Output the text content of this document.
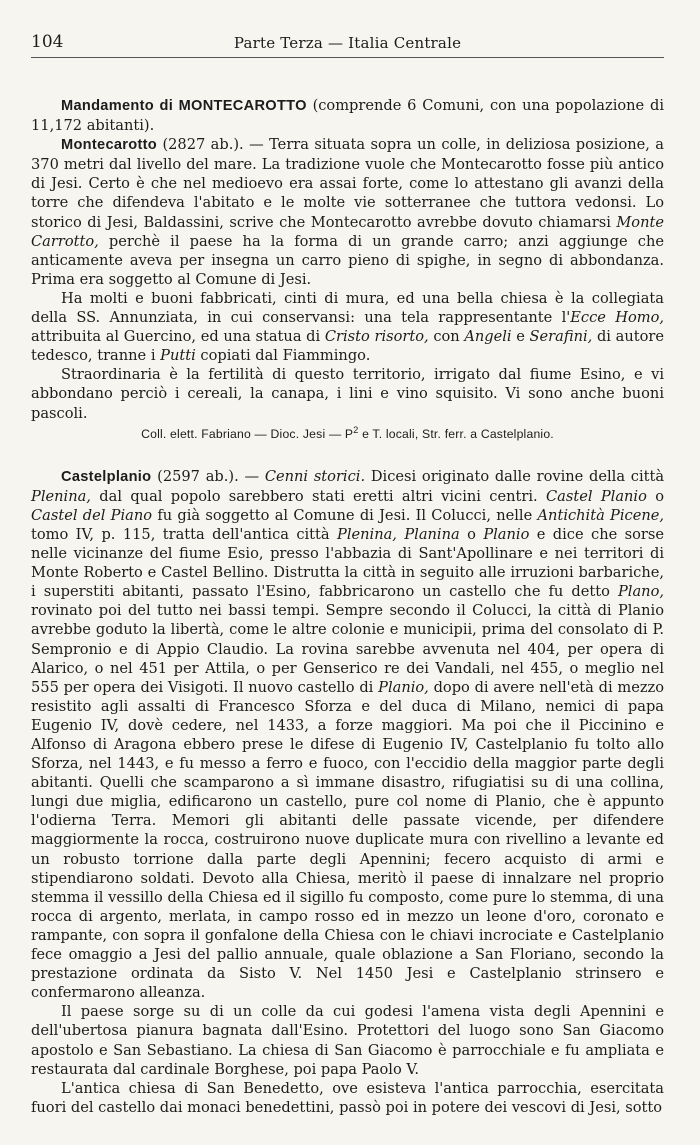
104	Parte Terza — Italia Centrale

Mandamento di MONTECAROTTO (comprende 6 Comuni, con una popolazione di 11,172 abitanti).

Montecarotto (2827 ab.). — Terra situata sopra un colle, in deliziosa posizione, a 370 metri dal livello del mare. La tradizione vuole che Montecarotto fosse più antico di Jesi. Certo è che nel medioevo era assai forte, come lo attestano gli avanzi della torre che difendeva l'abitato e le molte vie sotterranee che tuttora vedonsi. Lo storico di Jesi, Baldassini, scrive che Montecarotto avrebbe dovuto chiamarsi Monte Carrotto, perchè il paese ha la forma di un grande carro; anzi aggiunge che anticamente aveva per insegna un carro pieno di spighe, in segno di abbondanza. Prima era soggetto al Comune di Jesi.

Ha molti e buoni fabbricati, cinti di mura, ed una bella chiesa è la collegiata della SS. Annunziata, in cui conservansi: una tela rappresentante l'Ecce Homo, attribuita al Guercino, ed una statua di Cristo risorto, con Angeli e Serafini, di autore tedesco, tranne i Putti copiati dal Fiammingo.

Straordinaria è la fertilità di questo territorio, irrigato dal fiume Esino, e vi abbondano perciò i cereali, la canapa, i lini e vino squisito. Vi sono anche buoni pascoli.

Coll. elett. Fabriano — Dioc. Jesi — $P^2$ e T. locali, Str. ferr. a Castelplanio.

Castelplanio (2597 ab.). — Cenni storici. Dicesi originato dalle rovine della città Plenina, dal qual popolo sarebbero stati eretti altri vicini centri. Castel Planio o Castel del Piano fu già soggetto al Comune di Jesi. Il Colucci, nelle Antichità Picene, tomo IV, p. 115, tratta dell'antica città Plenina, Planina o Planio e dice che sorse nelle vicinanze del fiume Esio, presso l'abbazia di Sant'Apollinare e nei territori di Monte Roberto e Castel Bellino. Distrutta la città in seguito alle irruzioni barbariche, i superstiti abitanti, passato l'Esino, fabbricarono un castello che fu detto Plano, rovinato poi del tutto nei bassi tempi. Sempre secondo il Colucci, la città di Planio avrebbe goduto la libertà, come le altre colonie e municipii, prima del consolato di P. Sempronio e di Appio Claudio. La rovina sarebbe avvenuta nel 404, per opera di Alarico, o nel 451 per Attila, o per Genserico re dei Vandali, nel 455, o meglio nel 555 per opera dei Visigoti. Il nuovo castello di Planio, dopo di avere nell'età di mezzo resistito agli assalti di Francesco Sforza e del duca di Milano, nemici di papa Eugenio IV, dovè cedere, nel 1433, a forze maggiori. Ma poi che il Piccinino e Alfonso di Aragona ebbero prese le difese di Eugenio IV, Castelplanio fu tolto allo Sforza, nel 1443, e fu messo a ferro e fuoco, con l'eccidio della maggior parte degli abitanti. Quelli che scamparono a sì immane disastro, rifugiatisi su di una collina, lungi due miglia, edificarono un castello, pure col nome di Planio, che è appunto l'odierna Terra. Memori gli abitanti delle passate vicende, per difendere maggiormente la rocca, costruirono nuove duplicate mura con rivellino a levante ed un robusto torrione dalla parte degli Apennini; fecero acquisto di armi e stipendiarono soldati. Devoto alla Chiesa, meritò il paese di innalzare nel proprio stemma il vessillo della Chiesa ed il sigillo fu composto, come pure lo stemma, di una rocca di argento, merlata, in campo rosso ed in mezzo un leone d'oro, coronato e rampante, con sopra il gonfalone della Chiesa con le chiavi incrociate e Castelplanio fece omaggio a Jesi del pallio annuale, quale oblazione a San Floriano, secondo la prestazione ordinata da Sisto V. Nel 1450 Jesi e Castelplanio strinsero e confermarono alleanza.

Il paese sorge su di un colle da cui godesi l'amena vista degli Apennini e dell'ubertosa pianura bagnata dall'Esino. Protettori del luogo sono San Giacomo apostolo e San Sebastiano. La chiesa di San Giacomo è parrocchiale e fu ampliata e restaurata dal cardinale Borghese, poi papa Paolo V.

L'antica chiesa di San Benedetto, ove esisteva l'antica parrocchia, esercitata fuori del castello dai monaci benedettini, passò poi in potere dei vescovi di Jesi, sotto
